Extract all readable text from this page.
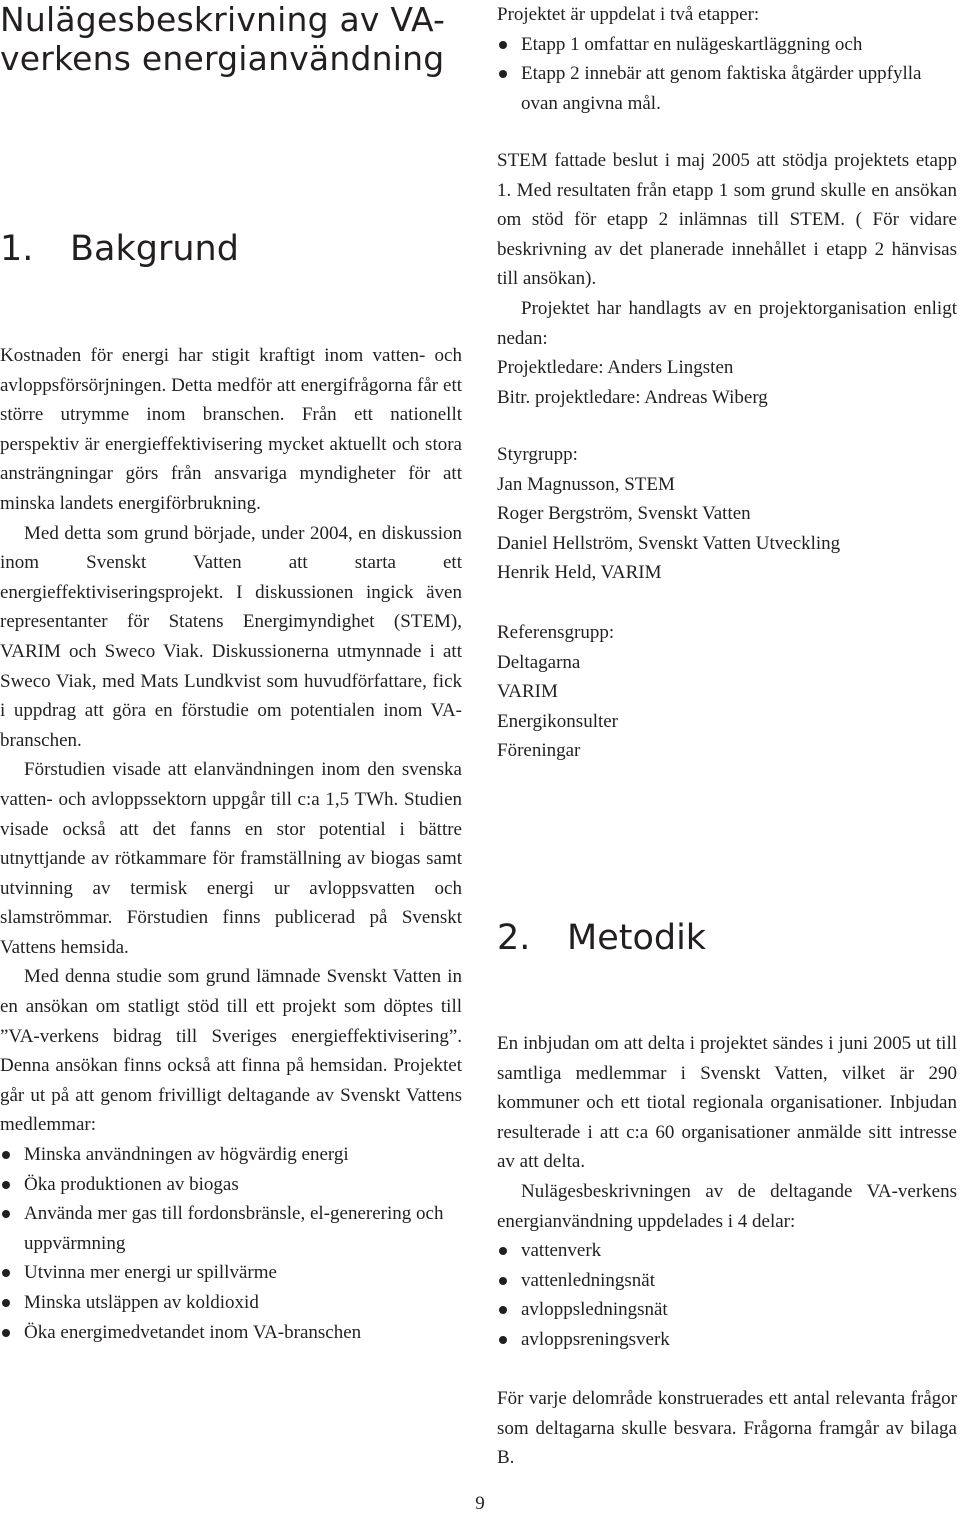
Nulägesbeskrivning av VA-verkens energianvändning
1. Bakgrund

Kostnaden för energi har stigit kraftigt inom vatten- och avloppsförsörjningen. Detta medför att energifrågorna får ett större utrymme inom branschen. Från ett nationellt perspektiv är energieffektivisering mycket aktuellt och stora ansträngningar görs från ansvariga myndigheter för att minska landets energiförbrukning.

Med detta som grund började, under 2004, en diskussion inom Svenskt Vatten att starta ett energieffektiviseringsprojekt. I diskussionen ingick även representanter för Statens Energimyndighet (STEM), VARIM och Sweco Viak. Diskussionerna utmynnade i att Sweco Viak, med Mats Lundkvist som huvudförfattare, fick i uppdrag att göra en förstudie om potentialen inom VA-branschen.

Förstudien visade att elanvändningen inom den svenska vatten- och avloppssektorn uppgår till c:a 1,5 TWh. Studien visade också att det fanns en stor potential i bättre utnyttjande av rötkammare för framställning av biogas samt utvinning av termisk energi ur avloppsvatten och slamströmmar. Förstudien finns publicerad på Svenskt Vattens hemsida.

Med denna studie som grund lämnade Svenskt Vatten in en ansökan om statligt stöd till ett projekt som döptes till ”VA-verkens bidrag till Sveriges energieffektivisering”. Denna ansökan finns också att finna på hemsidan. Projektet går ut på att genom frivilligt deltagande av Svenskt Vattens medlemmar:

Minska användningen av högvärdig energi
Öka produktionen av biogas
Använda mer gas till fordonsbränsle, el-generering och uppvärmning
Utvinna mer energi ur spillvärme
Minska utsläppen av koldioxid
Öka energimedvetandet inom VA-branschen

Projektet är uppdelat i två etapper:

Etapp 1 omfattar en nulägeskartläggning och
Etapp 2 innebär att genom faktiska åtgärder uppfylla ovan angivna mål.

STEM fattade beslut i maj 2005 att stödja projektets etapp 1. Med resultaten från etapp 1 som grund skulle en ansökan om stöd för etapp 2 inlämnas till STEM. ( För vidare beskrivning av det planerade innehållet i etapp 2 hänvisas till ansökan).

Projektet har handlagts av en projektorganisation enligt nedan:

Projektledare: Anders Lingsten
Bitr. projektledare: Andreas Wiberg
Styrgrupp:
Jan Magnusson, STEM
Roger Bergström, Svenskt Vatten
Daniel Hellström, Svenskt Vatten Utveckling
Henrik Held, VARIM
Referensgrupp:
Deltagarna
VARIM
Energikonsulter
Föreningar
2. Metodik

En inbjudan om att delta i projektet sändes i juni 2005 ut till samtliga medlemmar i Svenskt Vatten, vilket är 290 kommuner och ett tiotal regionala organisationer. Inbjudan resulterade i att c:a 60 organisationer anmälde sitt intresse av att delta.

Nulägesbeskrivningen av de deltagande VA-verkens energianvändning uppdelades i 4 delar:

vattenverk
vattenledningsnät
avloppsledningsnät
avloppsreningsverk

För varje delområde konstruerades ett antal relevanta frågor som deltagarna skulle besvara. Frågorna framgår av bilaga B.

9
